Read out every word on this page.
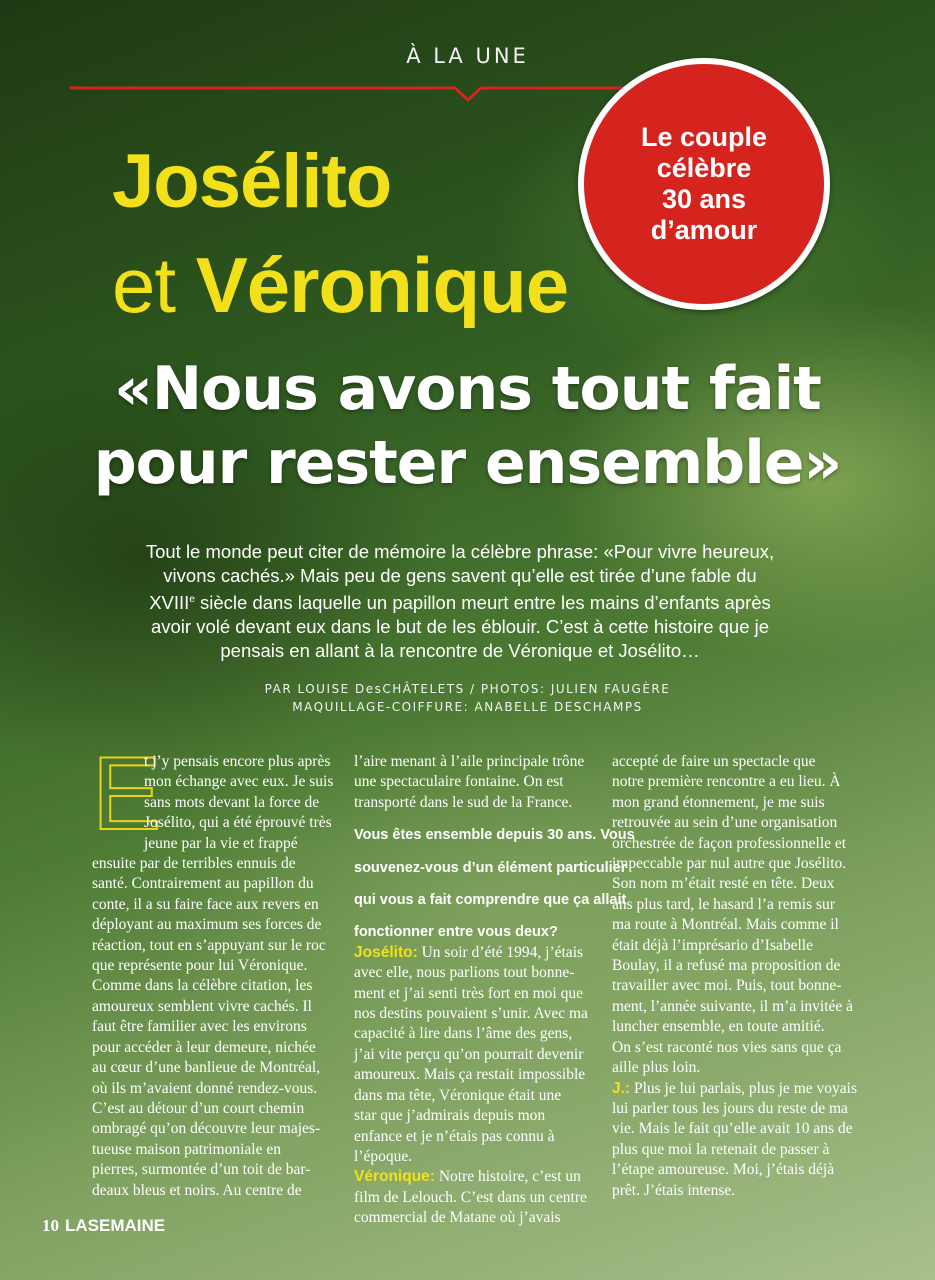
À LA UNE
Josélito
et Véronique
Le couple
célèbre
30 ans
d’amour
«Nous avons tout fait
pour rester ensemble»
Tout le monde peut citer de mémoire la célèbre phrase: «Pour vivre heureux,
vivons cachés.» Mais peu de gens savent qu’elle est tirée d’une fable du
XVIIIe siècle dans laquelle un papillon meurt entre les mains d’enfants après
avoir volé devant eux dans le but de les éblouir. C’est à cette histoire que je
pensais en allant à la rencontre de Véronique et Josélito…
PAR LOUISE DesCHÂTELETS / PHOTOS: JULIEN FAUGÈRE
MAQUILLAGE-COIFFURE: ANABELLE DESCHAMPS
E

t j’y pensais encore plus après

mon échange avec eux. Je suis

sans mots devant la force de

Josélito, qui a été éprouvé très

jeune par la vie et frappé

ensuite par de terribles ennuis de

santé. Contrairement au papillon du

conte, il a su faire face aux revers en

déployant au maximum ses forces de

réaction, tout en s’appuyant sur le roc

que représente pour lui Véronique.

Comme dans la célèbre citation, les

amoureux semblent vivre cachés. Il

faut être familier avec les environs

pour accéder à leur demeure, nichée

au cœur d’une banlieue de Montréal,

où ils m’avaient donné rendez-vous.

C’est au détour d’un court chemin

ombragé qu’on découvre leur majes-

tueuse maison patrimoniale en

pierres, surmontée d’un toit de bar-

deaux bleus et noirs. Au centre de

l’aire menant à l’aile principale trône

une spectaculaire fontaine. On est

transporté dans le sud de la France.

Vous êtes ensemble depuis 30 ans. Vous

souvenez-vous d’un élément particulier

qui vous a fait comprendre que ça allait

fonctionner entre vous deux?

Josélito: Un soir d’été 1994, j’étais

avec elle, nous parlions tout bonne-

ment et j’ai senti très fort en moi que

nos destins pouvaient s’unir. Avec ma

capacité à lire dans l’âme des gens,

j’ai vite perçu qu’on pourrait devenir

amoureux. Mais ça restait impossible

dans ma tête, Véronique était une

star que j’admirais depuis mon

enfance et je n’étais pas connu à

l’époque.

Véronique: Notre histoire, c’est un

film de Lelouch. C’est dans un centre

commercial de Matane où j’avais

accepté de faire un spectacle que

notre première rencontre a eu lieu. À

mon grand étonnement, je me suis

retrouvée au sein d’une organisation

orchestrée de façon professionnelle et

impeccable par nul autre que Josélito.

Son nom m’était resté en tête. Deux

ans plus tard, le hasard l’a remis sur

ma route à Montréal. Mais comme il

était déjà l’imprésario d’Isabelle

Boulay, il a refusé ma proposition de

travailler avec moi. Puis, tout bonne-

ment, l’année suivante, il m’a invitée à

luncher ensemble, en toute amitié.

On s’est raconté nos vies sans que ça

aille plus loin.

J.: Plus je lui parlais, plus je me voyais

lui parler tous les jours du reste de ma

vie. Mais le fait qu’elle avait 10 ans de

plus que moi la retenait de passer à

l’étape amoureuse. Moi, j’étais déjà

prêt. J’étais intense.

10 LASEMAINE
